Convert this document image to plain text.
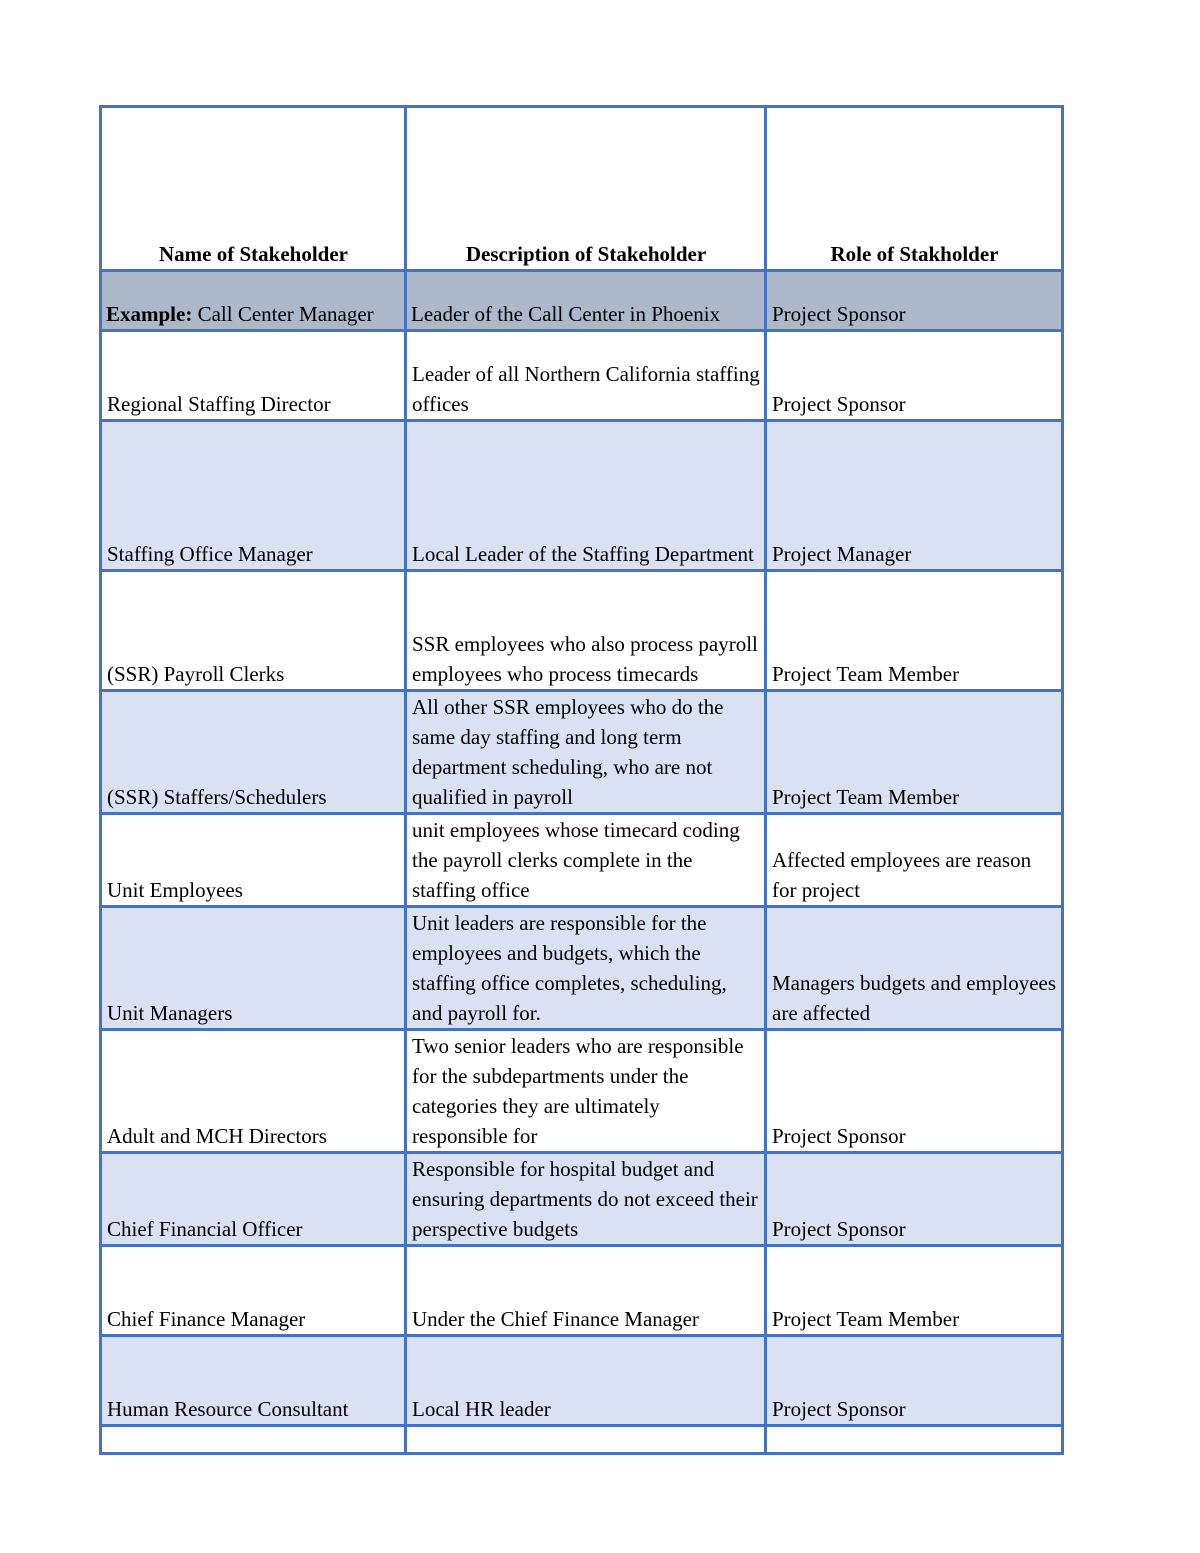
Name of Stakeholder	Description of Stakeholder	Role of Stakholder
Example: Call Center Manager	Leader of the Call Center in Phoenix	Project Sponsor
Regional Staffing Director	Leader of all Northern California staffing offices	Project Sponsor
Staffing Office Manager	Local Leader of the Staffing Department	Project Manager
(SSR) Payroll Clerks	SSR employees who also process payroll employees who process timecards	Project Team Member
(SSR) Staffers/Schedulers	All other SSR employees who do the same day staffing and long term department scheduling, who are not qualified in payroll	Project Team Member
Unit Employees	unit employees whose timecard coding the payroll clerks complete in the staffing office	Affected employees are reason for project
Unit Managers	Unit leaders are responsible for the employees and budgets, which the staffing office completes, scheduling, and payroll for.	Managers budgets and employees are affected
Adult and MCH Directors	Two senior leaders who are responsible for the subdepartments under the categories they are ultimately responsible for	Project Sponsor
Chief Financial Officer	Responsible for hospital budget and ensuring departments do not exceed their perspective budgets	Project Sponsor
Chief Finance Manager	Under the Chief Finance Manager	Project Team Member
Human Resource Consultant	Local HR leader	Project Sponsor
